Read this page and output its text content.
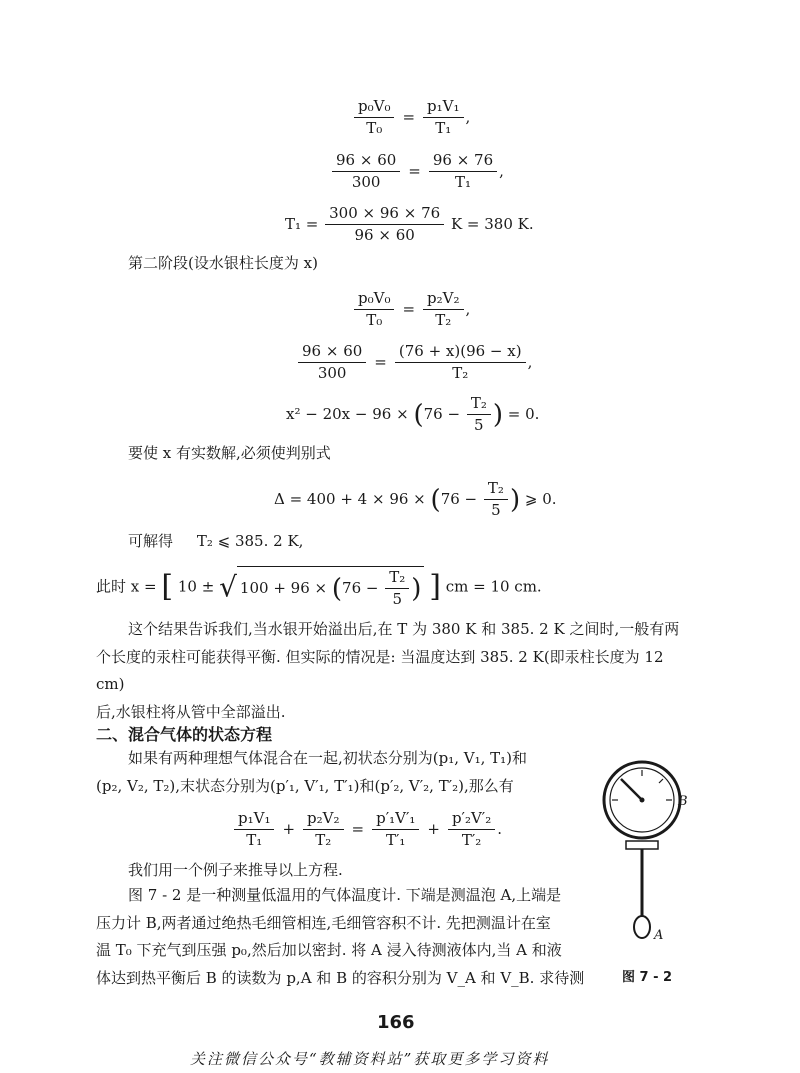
$\frac{\text{p₀V₀}}{\text{T₀}} = \frac{\text{p₁V₁}}{\text{T₁}}$ ,
$\frac{96 \times 60}{300} = \frac{96 \times 76}{\text{T₁}}$ ,
$T_1 = \frac{300 \times 96 \times 76}{96 \times 60}$ K = 380 K.
第二阶段(设水银柱长度为 x)
$\frac{\text{p₀V₀}}{\text{T₀}} = \frac{\text{p₂V₂}}{\text{T₂}}$ ,
$\frac{96 \times 60}{300} = \frac{(76 + x)(96 - x)}{\text{T₂}}$ ,
$x^2 - 20x - 96 \times (76 - \frac{\text{T₂}}{5}$ ) = 0.
要使 x 有实数解,必须使判别式
$\Delta = 400 + 4 \times 96 \times (76 - \frac{\text{T₂}}{5}$ ) ⩾ 0.
可解得     T₂ ⩽ 385. 2 K,
此时 x = [ 10 ± √ $100 + 96 \times (76 - \frac{\text{T₂}}{5}$ ) ] cm = 10 cm.
这个结果告诉我们,当水银开始溢出后,在 T 为 380 K 和 385. 2 K 之间时,一般有两
个长度的汞柱可能获得平衡. 但实际的情况是: 当温度达到 385. 2 K(即汞柱长度为 12 cm)
后,水银柱将从管中全部溢出.
二、混合气体的状态方程
如果有两种理想气体混合在一起,初状态分别为(p₁, V₁, T₁)和
(p₂, V₂, T₂),末状态分别为(p′₁, V′₁, T′₁)和(p′₂, V′₂, T′₂),那么有
$\frac{\text{p₁V₁}}{\text{T₁}} + \frac{\text{p₂V₂}}{\text{T₂}} = \frac{\text{p′₁V′₁}}{\text{T′₁}} + \frac{\text{p′₂V′₂}}{\text{T′₂}}$ .
我们用一个例子来推导以上方程.
图 7 - 2 是一种测量低温用的气体温度计. 下端是测温泡 A,上端是
压力计 B,两者通过绝热毛细管相连,毛细管容积不计. 先把测温计在室
温 T₀ 下充气到压强 p₀,然后加以密封. 将 A 浸入待测液体内,当 A 和液
体达到热平衡后 B 的读数为 p,A 和 B 的容积分别为 V_A 和 V_B. 求待测
B
A
图 7 - 2
166
关注微信公众号“教辅资料站”获取更多学习资料
